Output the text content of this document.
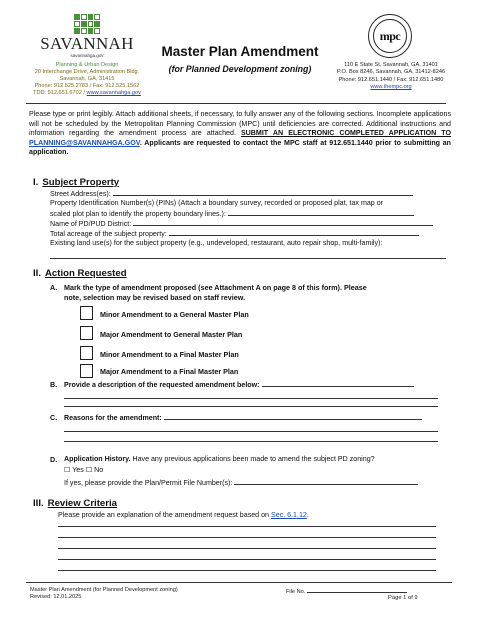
SAVANNAH
savannahga.gov
Planning & Urban Design
20 Interchange Drive, Administration Bldg.
Savannah, GA, 31415
Phone: 912.525.2783 / Fax: 912.525.1562
TDD: 912.651.6702 / www.savannahga.gov
Master Plan Amendment
(for Planned Development zoning)
mpc
110 E State St, Savannah, GA, 31401
P.O. Box 8246, Savannah, GA, 31412-8246
Phone: 912.651.1440 / Fax: 912.651.1480
www.thempc.org
Please type or print legibly. Attach additional sheets, if necessary, to fully answer any of the following sections. Incomplete applications will not be scheduled by the Metropolitan Planning Commission (MPC) until deficiencies are corrected. Additional instructions and information regarding the amendment process are attached. SUBMIT AN ELECTRONIC COMPLETED APPLICATION TO PLANNING@SAVANNAHGA.GOV. Applicants are requested to contact the MPC staff at 912.651.1440 prior to submitting an application.
I. Subject Property
Street Address(es):
Property Identification Number(s) (PINs) (Attach a boundary survey, recorded or proposed plat, tax map or
scaled plot plan to identify the property boundary lines.):
Name of PD/PUD District:
Total acreage of the subject property:
Existing land use(s) for the subject property (e.g., undeveloped, restaurant, auto repair shop, multi-family):
II. Action Requested
A. Mark the type of amendment proposed (see Attachment A on page 8 of this form). Please
note, selection may be revised based on staff review.
Minor Amendment to a General Master Plan
Major Amendment to General Master Plan
Minor Amendment to a Final Master Plan
Major Amendment to a Final Master Plan
B. Provide a description of the requested amendment below:
C. Reasons for the amendment:
D. Application History. Have any previous applications been made to amend the subject PD zoning?
☐ Yes ☐ No
If yes, please provide the Plan/Permit File Number(s):
III. Review Criteria
Please provide an explanation of the amendment request based on Sec. 6.1.12.
Master Plan Amendment (for Planned Development zoning)
Revised: 12.01.2025
File No.
Page 1 of 9
